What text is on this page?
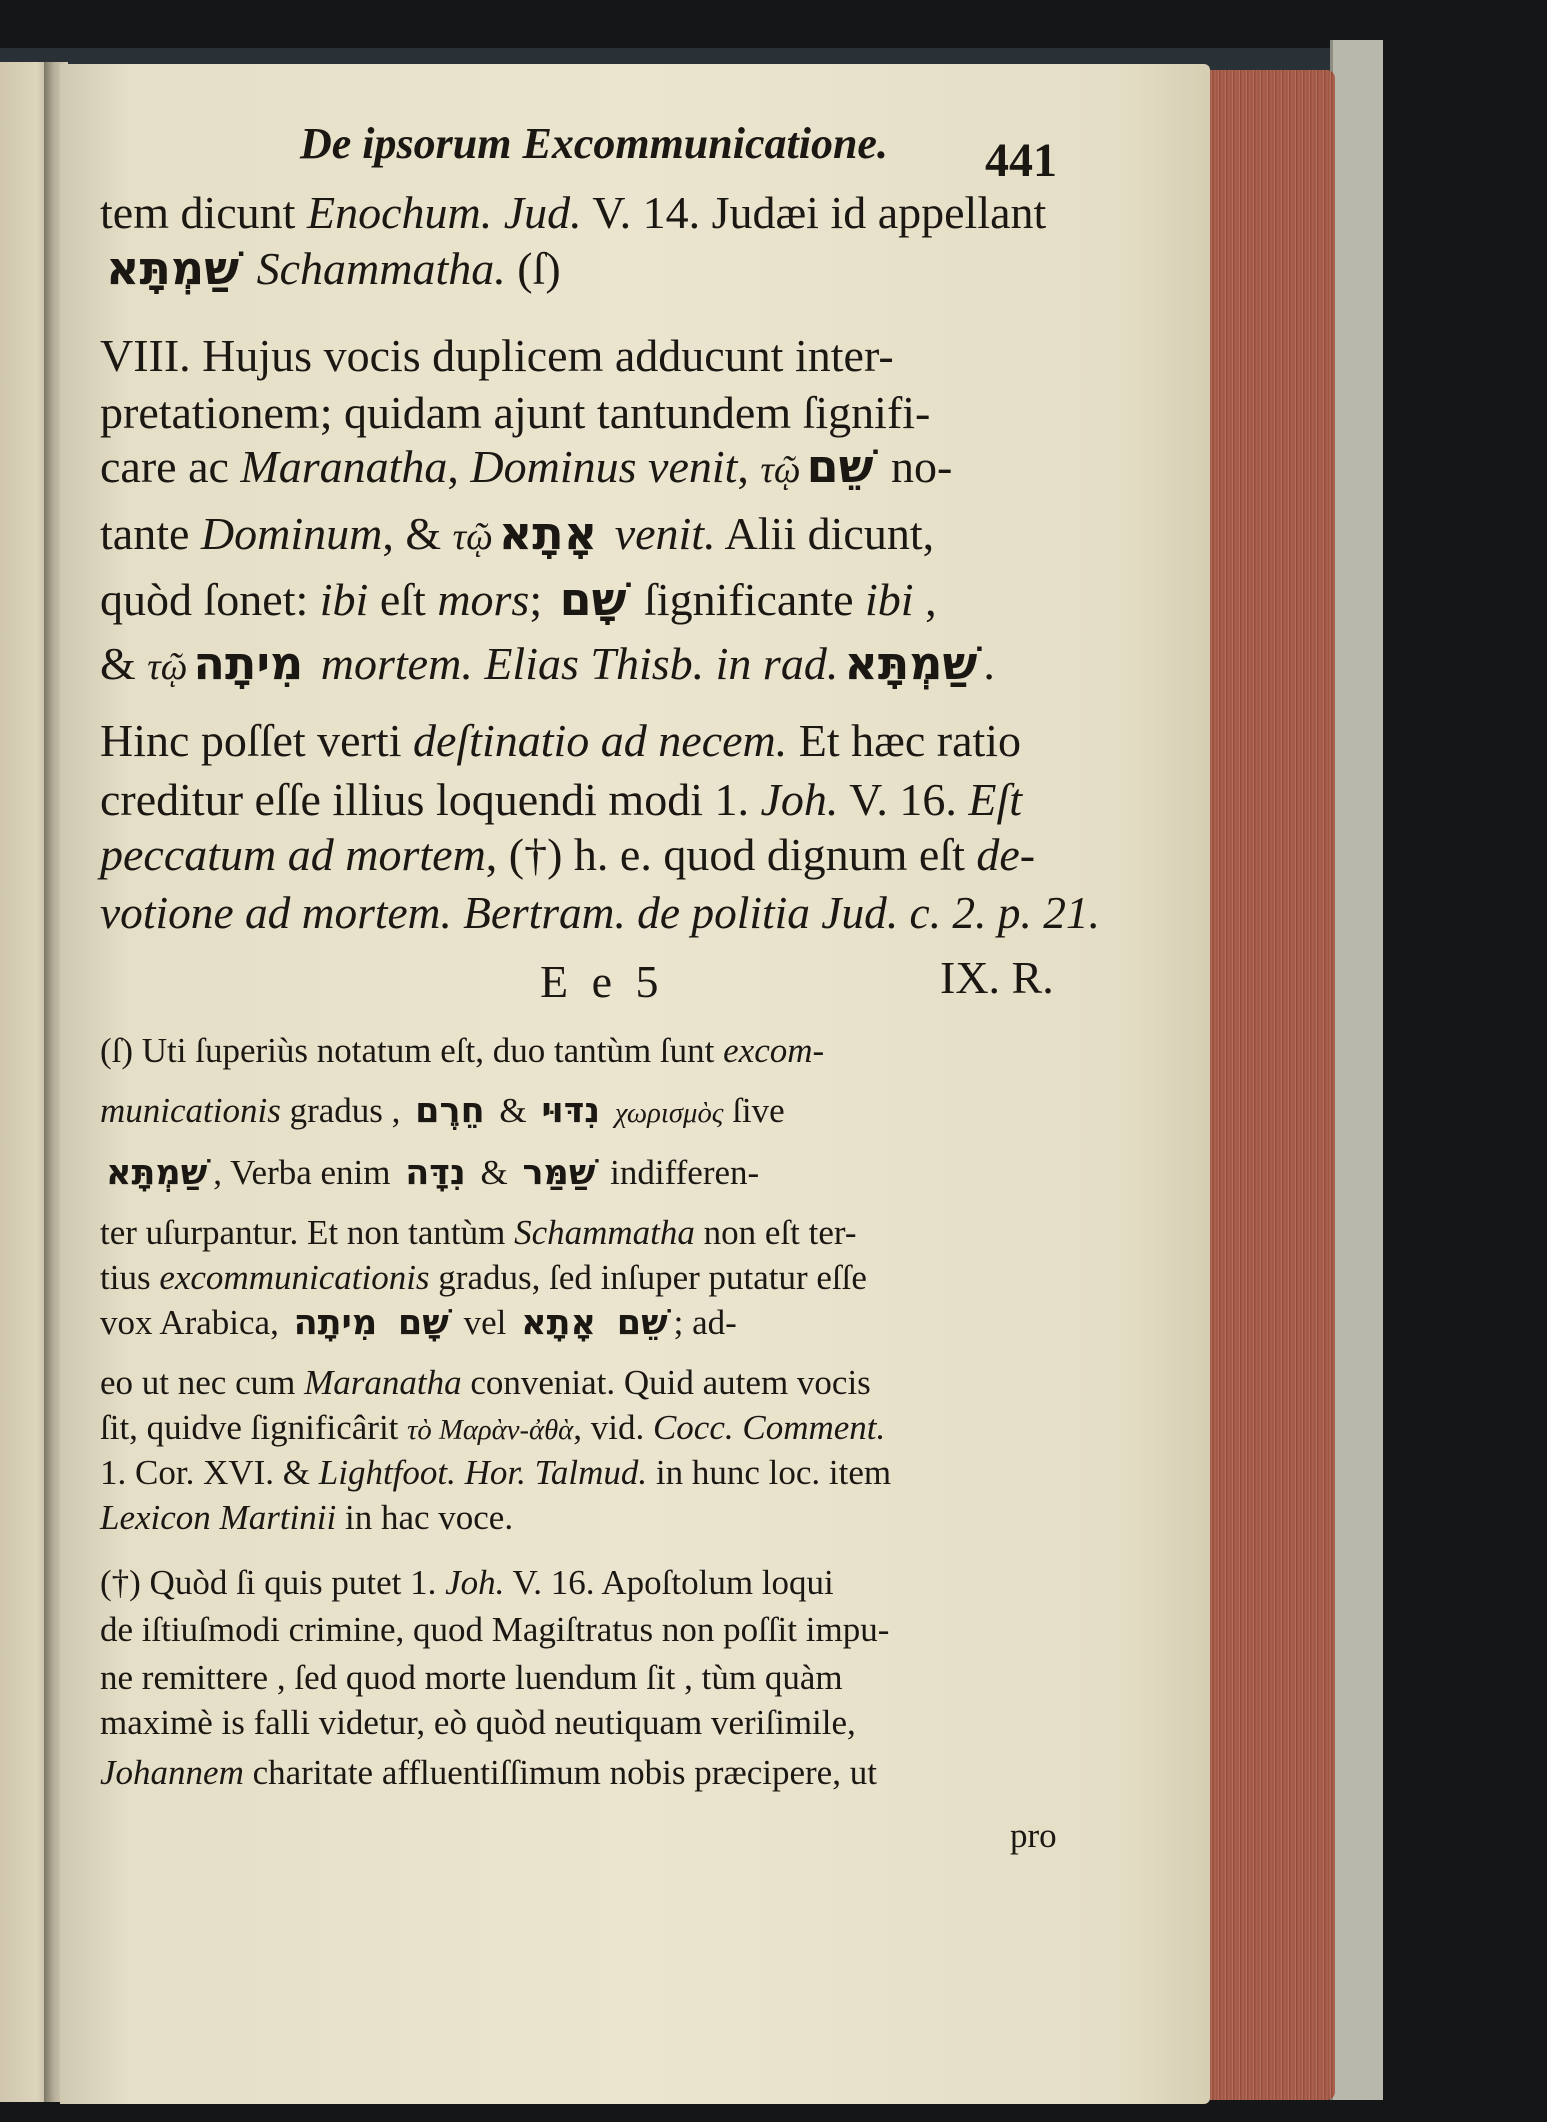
De ipsorum Excommunicatione. 441
tem dicunt Enochum. Jud. V. 14. Judæi id appellant
שַׁמְתָּא Schammatha. (ſ)
VIII. Hujus vocis duplicem adducunt inter-
pretationem; quidam ajunt tantundem ſignifi-
care ac Maranatha, Dominus venit, τῷ שֵׁם no-
tante Dominum, & τῷ אָתָא venit. Alii dicunt,
quòd ſonet: ibi eſt mors; שָׁם ſignificante ibi ,
& τῷ מִיתָה mortem. Elias Thisb. in rad. שַׁמְתָּא .
Hinc poſſet verti deſtinatio ad necem. Et hæc ratio
creditur eſſe illius loquendi modi 1. Joh. V. 16. Eſt
peccatum ad mortem, (†) h. e. quod dignum eſt de-
votione ad mortem. Bertram. de politia Jud. c. 2. p. 21.
E e 5	IX. R.
(ſ) Uti ſuperiùs notatum eſt, duo tantùm ſunt excom-
municationis gradus , חֵרֶם & נִדּוּי χωρισμὸς ſive
שַׁמְתָּא , Verba enim נִדָּה & שַׁמַּר indifferen-
ter uſurpantur. Et non tantùm Schammatha non eſt ter-
tius excommunicationis gradus, ſed inſuper putatur eſſe
vox Arabica, מִיתָה שָׁם vel אָתָא שֵׁם ; ad-
eo ut nec cum Maranatha conveniat. Quid autem vocis
ſit, quidve ſignificârit τὸ Μαρὰν-ἀθὰ, vid. Cocc. Comment.
1. Cor. XVI. & Lightfoot. Hor. Talmud. in hunc loc. item
Lexicon Martinii in hac voce.
(†) Quòd ſi quis putet 1. Joh. V. 16. Apoſtolum loqui
de iſtiuſmodi crimine, quod Magiſtratus non poſſit impu-
ne remittere , ſed quod morte luendum ſit , tùm quàm
maximè is falli videtur, eò quòd neutiquam veriſimile,
Johannem charitate affluentiſſimum nobis præcipere, ut
pro
